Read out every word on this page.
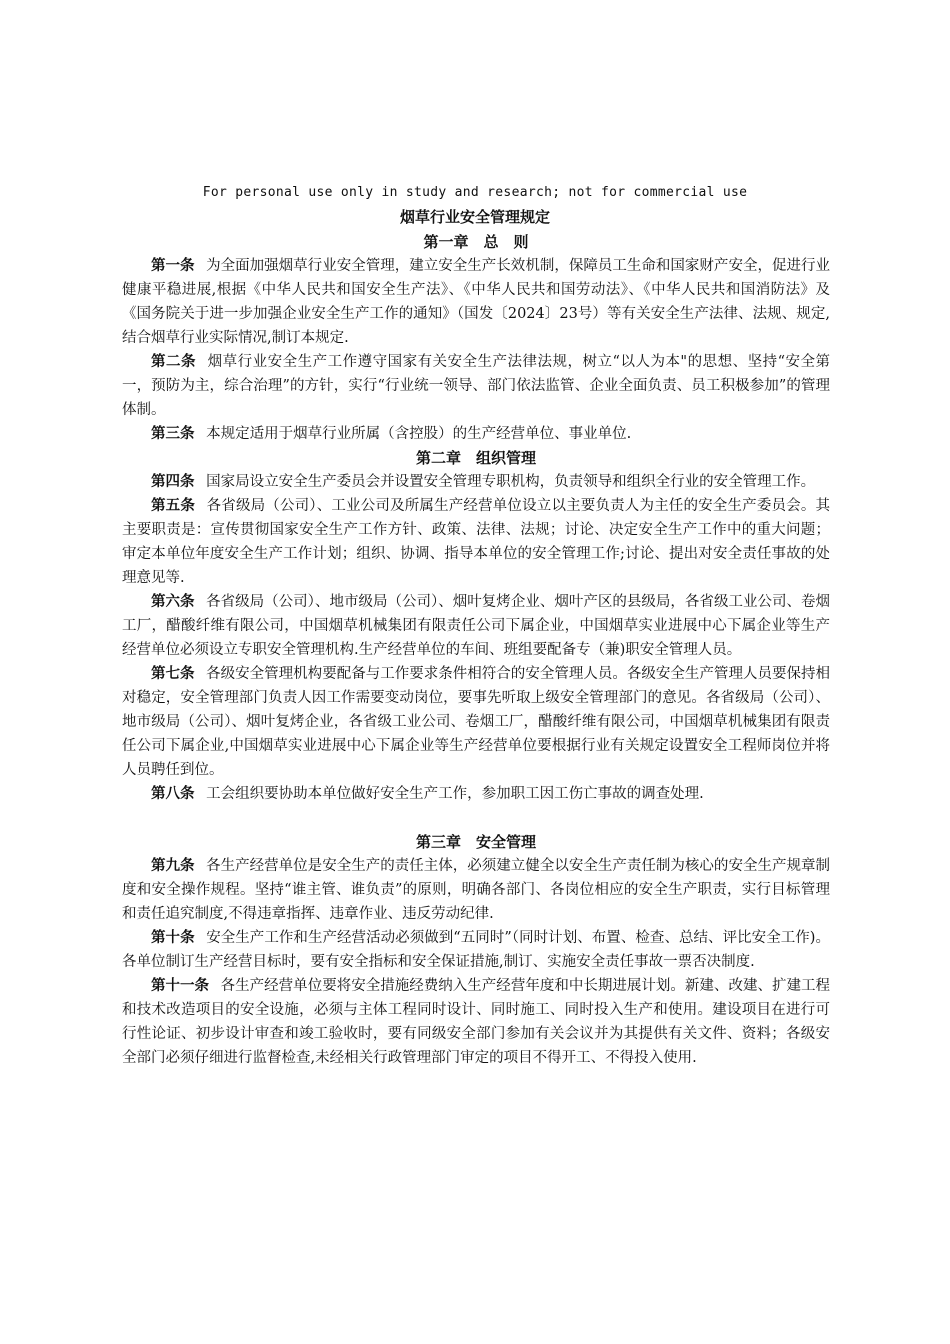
For personal use only in study and research; not for commercial use
烟草行业安全管理规定
第一章　总　则

第一条 为全面加强烟草行业安全管理，建立安全生产长效机制，保障员工生命和国家财产安全，促进行业健康平稳进展,根据《中华人民共和国安全生产法》、《中华人民共和国劳动法》、《中华人民共和国消防法》及《国务院关于进一步加强企业安全生产工作的通知》（国发〔2024〕23号）等有关安全生产法律、法规、规定,结合烟草行业实际情况,制订本规定.

第二条 烟草行业安全生产工作遵守国家有关安全生产法律法规，树立“以人为本"的思想、坚持“安全第一，预防为主，综合治理”的方针，实行“行业统一领导、部门依法监管、企业全面负责、员工积极参加”的管理体制。

第三条 本规定适用于烟草行业所属（含控股）的生产经营单位、事业单位.

第二章　组织管理

第四条 国家局设立安全生产委员会并设置安全管理专职机构，负责领导和组织全行业的安全管理工作。

第五条 各省级局（公司）、工业公司及所属生产经营单位设立以主要负责人为主任的安全生产委员会。其主要职责是：宣传贯彻国家安全生产工作方针、政策、法律、法规；讨论、决定安全生产工作中的重大问题；审定本单位年度安全生产工作计划；组织、协调、指导本单位的安全管理工作;讨论、提出对安全责任事故的处理意见等.

第六条 各省级局（公司）、地市级局（公司）、烟叶复烤企业、烟叶产区的县级局，各省级工业公司、卷烟工厂，醋酸纤维有限公司，中国烟草机械集团有限责任公司下属企业，中国烟草实业进展中心下属企业等生产经营单位必须设立专职安全管理机构.生产经营单位的车间、班组要配备专（兼)职安全管理人员。

第七条 各级安全管理机构要配备与工作要求条件相符合的安全管理人员。各级安全生产管理人员要保持相对稳定，安全管理部门负责人因工作需要变动岗位，要事先听取上级安全管理部门的意见。各省级局（公司）、地市级局（公司）、烟叶复烤企业，各省级工业公司、卷烟工厂，醋酸纤维有限公司，中国烟草机械集团有限责任公司下属企业,中国烟草实业进展中心下属企业等生产经营单位要根据行业有关规定设置安全工程师岗位并将人员聘任到位。

第八条 工会组织要协助本单位做好安全生产工作，参加职工因工伤亡事故的调查处理.

第三章　安全管理

第九条 各生产经营单位是安全生产的责任主体，必须建立健全以安全生产责任制为核心的安全生产规章制度和安全操作规程。坚持“谁主管、谁负责”的原则，明确各部门、各岗位相应的安全生产职责，实行目标管理和责任追究制度,不得违章指挥、违章作业、违反劳动纪律.

第十条 安全生产工作和生产经营活动必须做到“五同时”（同时计划、布置、检查、总结、评比安全工作)。各单位制订生产经营目标时，要有安全指标和安全保证措施,制订、实施安全责任事故一票否决制度.

第十一条 各生产经营单位要将安全措施经费纳入生产经营年度和中长期进展计划。新建、改建、扩建工程和技术改造项目的安全设施，必须与主体工程同时设计、同时施工、同时投入生产和使用。建设项目在进行可行性论证、初步设计审查和竣工验收时，要有同级安全部门参加有关会议并为其提供有关文件、资料；各级安全部门必须仔细进行监督检查,未经相关行政管理部门审定的项目不得开工、不得投入使用.
